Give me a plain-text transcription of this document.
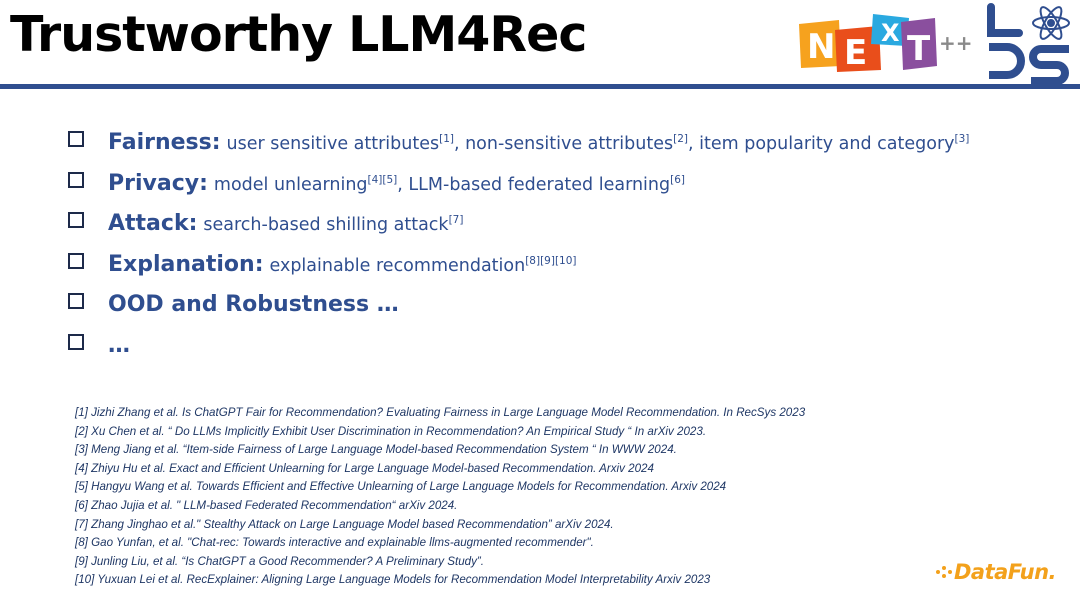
Trustworthy LLM4Rec	N E X T ++
Fairness: user sensitive attributes[1], non-sensitive attributes[2], item popularity and category[3]
Privacy: model unlearning[4][5], LLM-based federated learning[6]
Attack: search-based shilling attack[7]
Explanation: explainable recommendation[8][9][10]
OOD and Robustness …
…
[1] Jizhi Zhang et al. Is ChatGPT Fair for Recommendation? Evaluating Fairness in Large Language Model Recommendation. In RecSys 2023
[2] Xu Chen et al. “ Do LLMs Implicitly Exhibit User Discrimination in Recommendation? An Empirical Study “ In arXiv 2023.
[3] Meng Jiang et al. “Item-side Fairness of Large Language Model-based Recommendation System “ In WWW 2024.
[4] Zhiyu Hu et al. Exact and Efficient Unlearning for Large Language Model-based Recommendation. Arxiv 2024
[5] Hangyu Wang et al. Towards Efficient and Effective Unlearning of Large Language Models for Recommendation. Arxiv 2024
[6] Zhao Jujia et al. " LLM-based Federated Recommendation“ arXiv 2024.
[7] Zhang Jinghao et al." Stealthy Attack on Large Language Model based Recommendation” arXiv 2024.
[8] Gao Yunfan, et al. "Chat-rec: Towards interactive and explainable llms-augmented recommender".
[9] Junling Liu, et al. “Is ChatGPT a Good Recommender? A Preliminary Study”.
[10] Yuxuan Lei et al. RecExplainer: Aligning Large Language Models for Recommendation Model Interpretability Arxiv 2023	DataFun.
